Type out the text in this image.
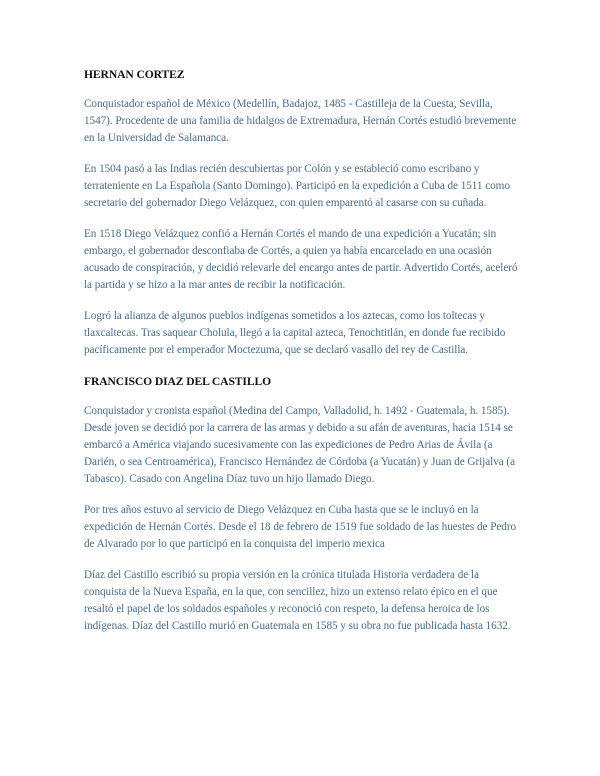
HERNAN CORTEZ

Conquistador español de México (Medellín, Badajoz, 1485 - Castilleja de la Cuesta, Sevilla, 1547). Procedente de una familia de hidalgos de Extremadura, Hernán Cortés estudió brevemente en la Universidad de Salamanca.

En 1504 pasó a las Indias recién descubiertas por Colón y se estableció como escribano y terrateniente en La Española (Santo Domingo). Participó en la expedición a Cuba de 1511 como secretario del gobernador Diego Velázquez, con quien emparentó al casarse con su cuñada.

En 1518 Diego Velázquez confió a Hernán Cortés el mando de una expedición a Yucatán; sin embargo, el gobernador desconfiaba de Cortés, a quien ya había encarcelado en una ocasión acusado de conspiración, y decidió relevarle del encargo antes de partir. Advertido Cortés, aceleró la partida y se hizo a la mar antes de recibir la notificación.

Logró la alianza de algunos pueblos indígenas sometidos a los aztecas, como los toltecas y tlaxcaltecas. Tras saquear Cholula, llegó a la capital azteca, Tenochtitlán, en donde fue recibido pacíficamente por el emperador Moctezuma, que se declaró vasallo del rey de Castilla.

FRANCISCO DIAZ DEL CASTILLO

Conquistador y cronista español (Medina del Campo, Valladolid, h. 1492 - Guatemala, h. 1585). Desde joven se decidió por la carrera de las armas y debido a su afán de aventuras, hacia 1514 se embarcó a América viajando sucesivamente con las expediciones de Pedro Arias de Ávila (a Darién, o sea Centroamérica), Francisco Hernández de Córdoba (a Yucatán) y Juan de Grijalva (a Tabasco). Casado con Angelina Díaz tuvo un hijo llamado Diego.

Por tres años estuvo al servicio de Diego Velázquez en Cuba hasta que se le incluyó en la expedición de Hernán Cortés. Desde el 18 de febrero de 1519 fue soldado de las huestes de Pedro de Alvarado por lo que participó en la conquista del imperio mexica

Díaz del Castillo escribió su propia versión en la crónica titulada Historia verdadera de la conquista de la Nueva España, en la que, con sencillez, hizo un extenso relato épico en el que resaltó el papel de los soldados españoles y reconoció con respeto, la defensa heroica de los indígenas. Díaz del Castillo murió en Guatemala en 1585 y su obra no fue publicada hasta 1632.
